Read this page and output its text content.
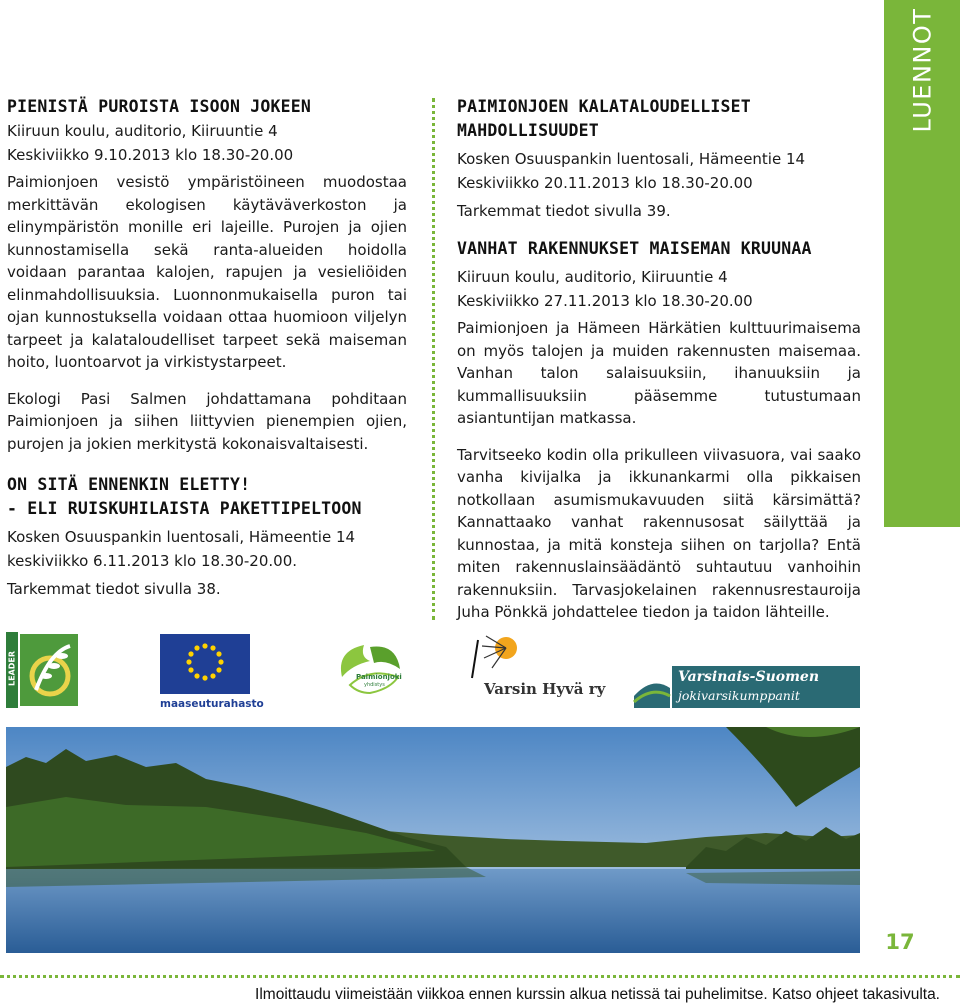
LUENNOT
PIENISTÄ PUROISTA ISOON JOKEEN

Kiiruun koulu, auditorio, Kiiruuntie 4

Keskiviikko 9.10.2013 klo 18.30-20.00

Paimionjoen vesistö ympäristöineen muodostaa merkittävän ekologisen käytäväverkoston ja elinympäristön monille eri lajeille. Purojen ja ojien kunnostamisella sekä ranta-alueiden hoidolla voidaan parantaa kalojen, rapujen ja vesieliöiden elinmahdollisuuksia. Luonnonmukaisella puron tai ojan kunnostuksella voidaan ottaa huomioon viljelyn tarpeet ja kalataloudelliset tarpeet sekä maiseman hoito, luontoarvot ja virkistystarpeet.

Ekologi Pasi Salmen johdattamana pohditaan Paimionjoen ja siihen liittyvien pienempien ojien, purojen ja jokien merkitystä kokonaisvaltaisesti.

ON SITÄ ENNENKIN ELETTY!
- ELI RUISKUHILAISTA PAKETTIPELTOON

Kosken Osuuspankin luentosali, Hämeentie 14

keskiviikko 6.11.2013 klo 18.30-20.00.

Tarkemmat tiedot sivulla 38.

PAIMIONJOEN KALATALOUDELLISET
MAHDOLLISUUDET

Kosken Osuuspankin luentosali, Hämeentie 14

Keskiviikko 20.11.2013 klo 18.30-20.00

Tarkemmat tiedot sivulla 39.

VANHAT RAKENNUKSET MAISEMAN KRUUNAA

Kiiruun koulu, auditorio, Kiiruuntie 4

Keskiviikko 27.11.2013 klo 18.30-20.00

Paimionjoen ja Hämeen Härkätien kulttuurimaisema on myös talojen ja muiden rakennusten maisemaa. Vanhan talon salaisuuksiin, ihanuuksiin ja kummallisuuksiin pääsemme tutustumaan asiantuntijan matkassa.

Tarvitseeko kodin olla prikulleen viivasuora, vai saako vanha kivijalka ja ikkunankarmi olla pikkaisen notkollaan asumismukavuuden siitä kärsimättä? Kannattaako vanhat rakennusosat säilyttää ja kunnostaa, ja mitä konsteja siihen on tarjolla? Entä miten rakennuslainsäädäntö suhtautuu vanhoihin rakennuksiin. Tarvasjokelainen rakennusrestauroija Juha Pönkkä johdattelee tiedon ja taidon lähteille.

LEADER
maaseuturahasto
Paimionjoki
yhdistys	Varsin Hyvä ry
Varsinais-Suomen
jokivarsikumppanit
17
Ilmoittaudu viimeistään viikkoa ennen kurssin alkua netissä tai puhelimitse. Katso ohjeet takasivulta.
